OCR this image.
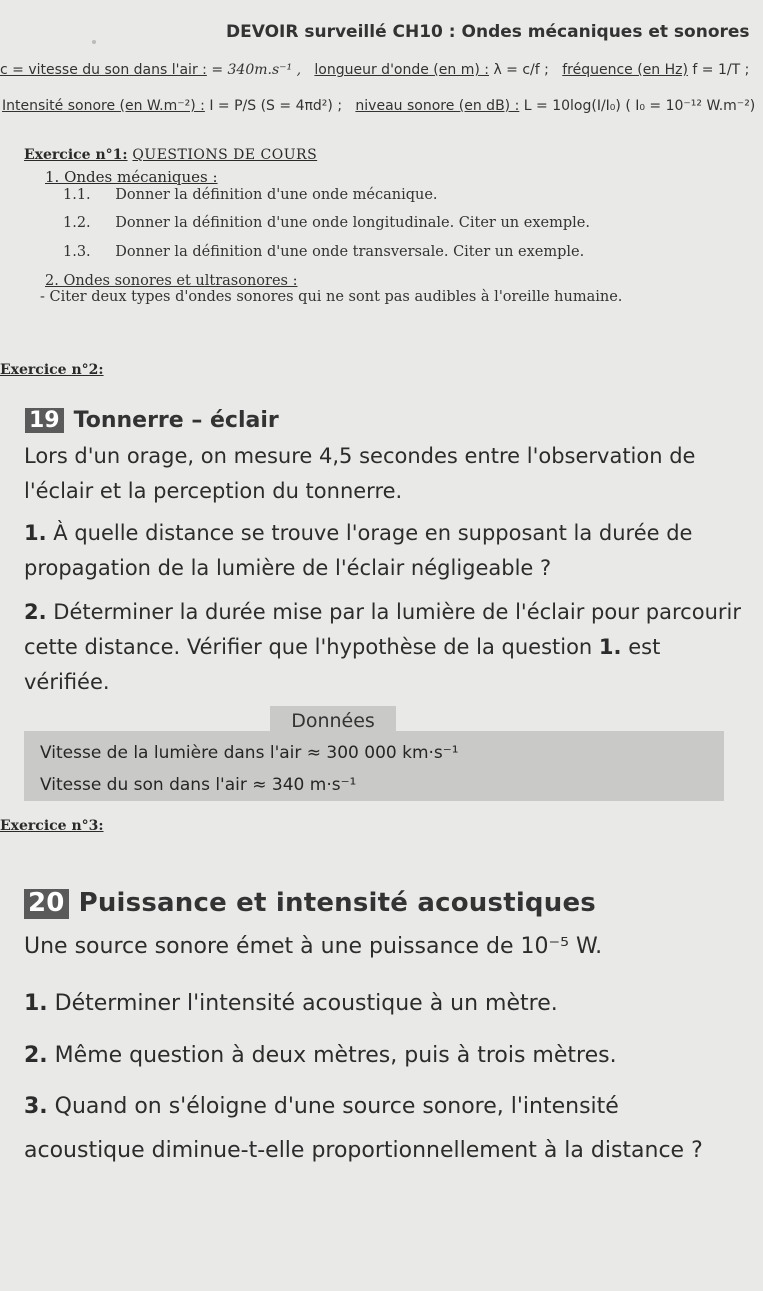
DEVOIR surveillé CH10 : Ondes mécaniques et sonores
c = vitesse du son dans l'air : = 340m.s⁻¹ , longueur d'onde (en m) : λ = c/f ; fréquence (en Hz) f = 1/T ;
Intensité sonore (en W.m⁻²) : I = P/S (S = 4πd²) ; niveau sonore (en dB) : L = 10log(I/I₀) ( I₀ = 10⁻¹² W.m⁻²)
Exercice n°1: QUESTIONS DE COURS
1. Ondes mécaniques :
1.1. Donner la définition d'une onde mécanique.
1.2. Donner la définition d'une onde longitudinale. Citer un exemple.
1.3. Donner la définition d'une onde transversale. Citer un exemple.
2. Ondes sonores et ultrasonores :
- Citer deux types d'ondes sonores qui ne sont pas audibles à l'oreille humaine.
Exercice n°2:
19 Tonnerre – éclair
Lors d'un orage, on mesure 4,5 secondes entre l'observation de l'éclair et la perception du tonnerre.
1. À quelle distance se trouve l'orage en supposant la durée de propagation de la lumière de l'éclair négligeable ?
2. Déterminer la durée mise par la lumière de l'éclair pour parcourir cette distance. Vérifier que l'hypothèse de la question 1. est vérifiée.
Données
Vitesse de la lumière dans l'air ≈ 300 000 km·s⁻¹
Vitesse du son dans l'air ≈ 340 m·s⁻¹
Exercice n°3:
20 Puissance et intensité acoustiques
Une source sonore émet à une puissance de 10⁻⁵ W.
1. Déterminer l'intensité acoustique à un mètre.
2. Même question à deux mètres, puis à trois mètres.
3. Quand on s'éloigne d'une source sonore, l'intensité acoustique diminue-t-elle proportionnellement à la distance ?
